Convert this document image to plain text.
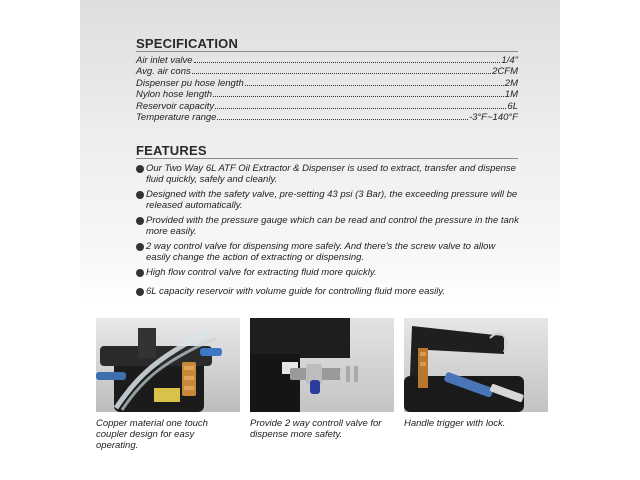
SPECIFICATION
Air inlet valve	1/4"
Avg. air cons	2CFM
Dispenser pu hose length	2M
Nylon hose length	1M
Reservoir capacity	6L
Temperature range	-3°F~140°F
FEATURES
Our Two Way 6L ATF Oil Extractor & Dispenser is used to extract, transfer and dispense fluid quickly, safely and cleanly.
Designed with the safety valve, pre-setting 43 psi (3 Bar), the exceeding pressure will be released automatically.
Provided with the pressure gauge which can be read and control the pressure in the tank more easily.
2 way control valve for dispensing more safely. And there's the screw valve to allow easily change the action of extracting or dispensing.
High flow control valve for extracting fluid more quickly.
6L capacity reservoir with volume guide for controlling fluid more easily.
Copper material one touch coupler design for easy operating.
Provide 2 way controll valve for dispense more safety.
Handle trigger with lock.
